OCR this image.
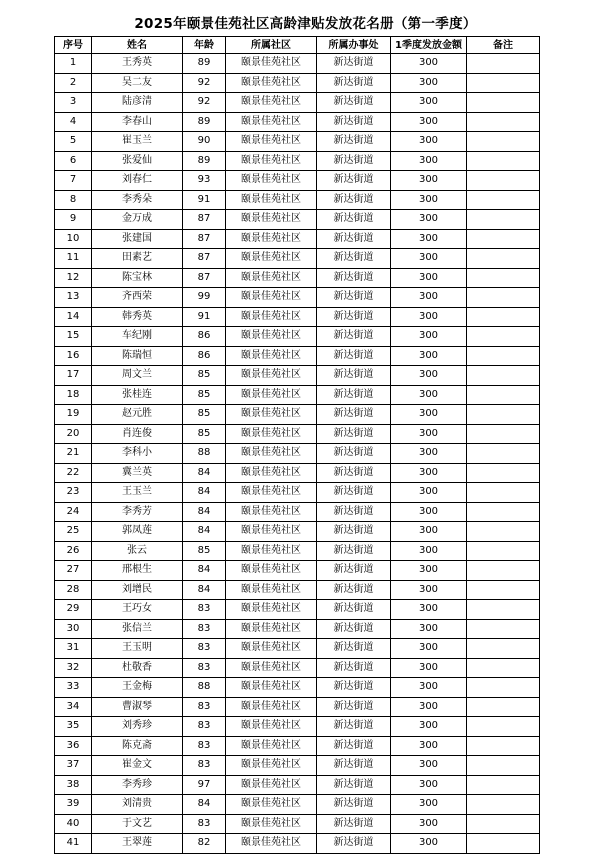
2025年颐景佳苑社区高龄津贴发放花名册（第一季度）
序号	姓名	年龄	所属社区	所属办事处	1季度发放金额	备注
1	王秀英	89	颐景佳苑社区	新达街道	300	
2	吴二友	92	颐景佳苑社区	新达街道	300	
3	陆彦清	92	颐景佳苑社区	新达街道	300	
4	李春山	89	颐景佳苑社区	新达街道	300	
5	崔玉兰	90	颐景佳苑社区	新达街道	300	
6	张爱仙	89	颐景佳苑社区	新达街道	300	
7	刘春仁	93	颐景佳苑社区	新达街道	300	
8	李秀朵	91	颐景佳苑社区	新达街道	300	
9	金万成	87	颐景佳苑社区	新达街道	300	
10	张建国	87	颐景佳苑社区	新达街道	300	
11	田素艺	87	颐景佳苑社区	新达街道	300	
12	陈宝林	87	颐景佳苑社区	新达街道	300	
13	齐西荣	99	颐景佳苑社区	新达街道	300	
14	韩秀英	91	颐景佳苑社区	新达街道	300	
15	车纪刚	86	颐景佳苑社区	新达街道	300	
16	陈瑞恒	86	颐景佳苑社区	新达街道	300	
17	周文兰	85	颐景佳苑社区	新达街道	300	
18	张桂连	85	颐景佳苑社区	新达街道	300	
19	赵元胜	85	颐景佳苑社区	新达街道	300	
20	肖连俊	85	颐景佳苑社区	新达街道	300	
21	李科小	88	颐景佳苑社区	新达街道	300	
22	冀兰英	84	颐景佳苑社区	新达街道	300	
23	王玉兰	84	颐景佳苑社区	新达街道	300	
24	李秀芳	84	颐景佳苑社区	新达街道	300	
25	郭凤莲	84	颐景佳苑社区	新达街道	300	
26	张云	85	颐景佳苑社区	新达街道	300	
27	邢根生	84	颐景佳苑社区	新达街道	300	
28	刘增民	84	颐景佳苑社区	新达街道	300	
29	王巧女	83	颐景佳苑社区	新达街道	300	
30	张信兰	83	颐景佳苑社区	新达街道	300	
31	王玉明	83	颐景佳苑社区	新达街道	300	
32	杜敬香	83	颐景佳苑社区	新达街道	300	
33	王金梅	88	颐景佳苑社区	新达街道	300	
34	曹淑琴	83	颐景佳苑社区	新达街道	300	
35	刘秀珍	83	颐景佳苑社区	新达街道	300	
36	陈克斋	83	颐景佳苑社区	新达街道	300	
37	崔金文	83	颐景佳苑社区	新达街道	300	
38	李秀珍	97	颐景佳苑社区	新达街道	300	
39	刘清贵	84	颐景佳苑社区	新达街道	300	
40	于文艺	83	颐景佳苑社区	新达街道	300	
41	王翠莲	82	颐景佳苑社区	新达街道	300	
